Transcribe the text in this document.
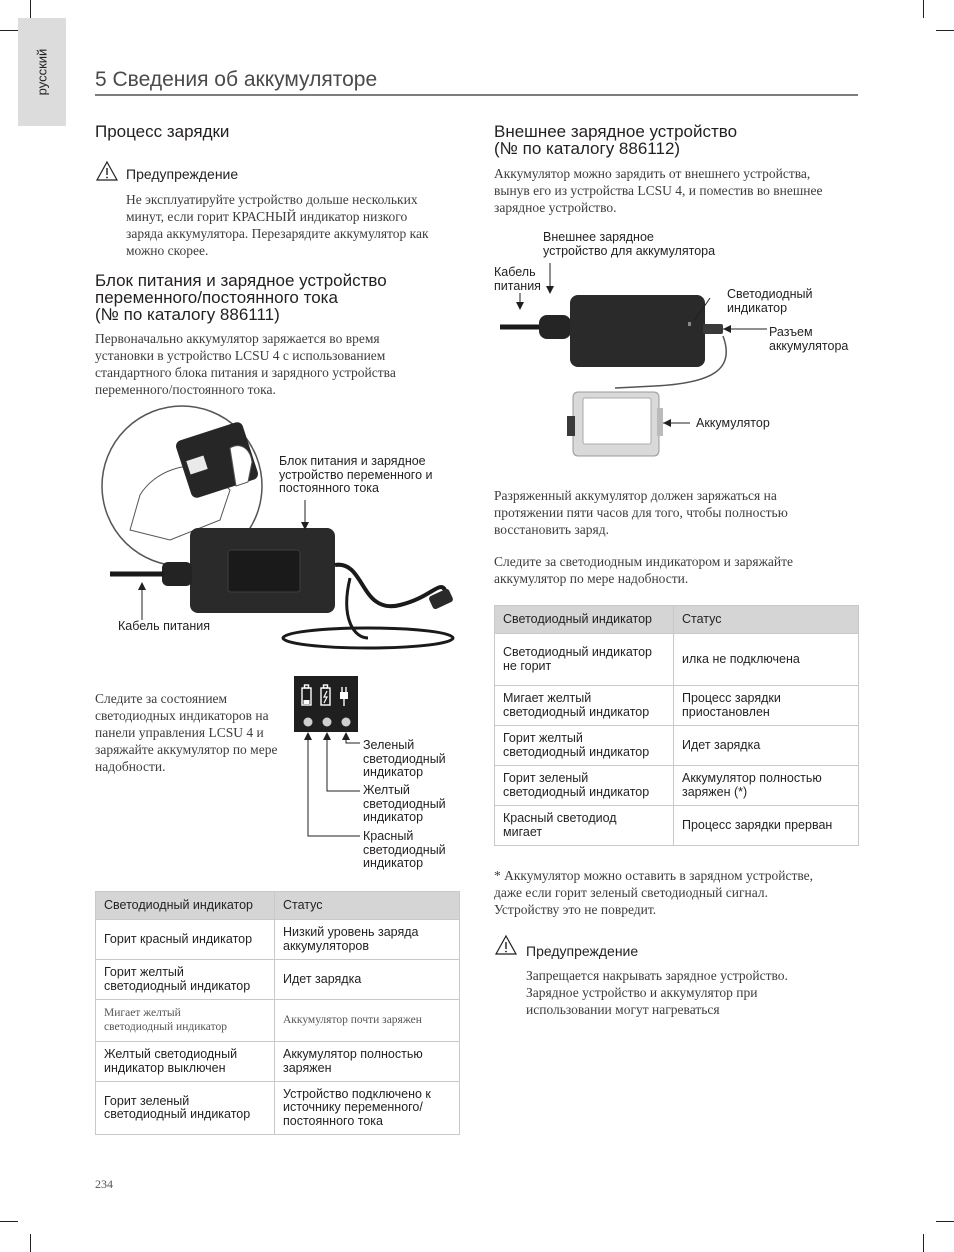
русский 5 Сведения об аккумуляторе
Процесс зарядки
Предупреждение

Не эксплуатируйте устройство дольше нескольких
минут, если горит КРАСНЫЙ индикатор низкого
заряда аккумулятора. Перезарядите аккумулятор как
можно скорее.

Блок питания и зарядное устройство
переменного/постоянного тока
(№ по каталогу 886111)

Первоначально аккумулятор заряжается во время
установки в устройство LCSU 4 с использованием
стандартного блока питания и зарядного устройства
переменного/постоянного тока.

Блок питания и зарядное
устройство переменного и
постоянного тока
Кабель питания

Следите за состоянием
светодиодных индикаторов на
панели управления LCSU 4 и
заряжайте аккумулятор по мере
надобности.

Зеленый
светодиодный
индикатор
Желтый
светодиодный
индикатор
Красный
светодиодный
индикатор
Светодиодный индикатор	Статус
Горит красный индикатор	Низкий уровень заряда
аккумуляторов
Горит желтый
светодиодный индикатор	Идет зарядка
Мигает желтый
светодиодный индикатор	Аккумулятор почти заряжен
Желтый светодиодный
индикатор выключен	Аккумулятор полностью
заряжен
Горит зеленый
светодиодный индикатор	Устройство подключено к
источнику переменного/
постоянного тока
Внешнее зарядное устройство
(№ по каталогу 886112)

Аккумулятор можно зарядить от внешнего устройства,
вынув его из устройства LCSU 4, и поместив во внешнее
зарядное устройство.

Внешнее зарядное
устройство для аккумулятора
Кабель
питания
Светодиодный
индикатор
Разъем
аккумулятора
Аккумулятор

Разряженный аккумулятор должен заряжаться на
протяжении пяти часов для того, чтобы полностью
восстановить заряд.

Следите за светодиодным индикатором и заряжайте
аккумулятор по мере надобности.

Светодиодный индикатор	Статус
Светодиодный индикатор
не горит	илка не подключена
Мигает желтый
светодиодный индикатор	Процесс зарядки
приостановлен
Горит желтый
светодиодный индикатор	Идет зарядка
Горит зеленый
светодиодный индикатор	Аккумулятор полностью
заряжен (*)
Красный светодиод
мигает	Процесс зарядки прерван

* Аккумулятор можно оставить в зарядном устройстве,
даже если горит зеленый светодиодный сигнал.
Устройству это не повредит.

Предупреждение

Запрещается накрывать зарядное устройство.
Зарядное устройство и аккумулятор при
использовании могут нагреваться

234
